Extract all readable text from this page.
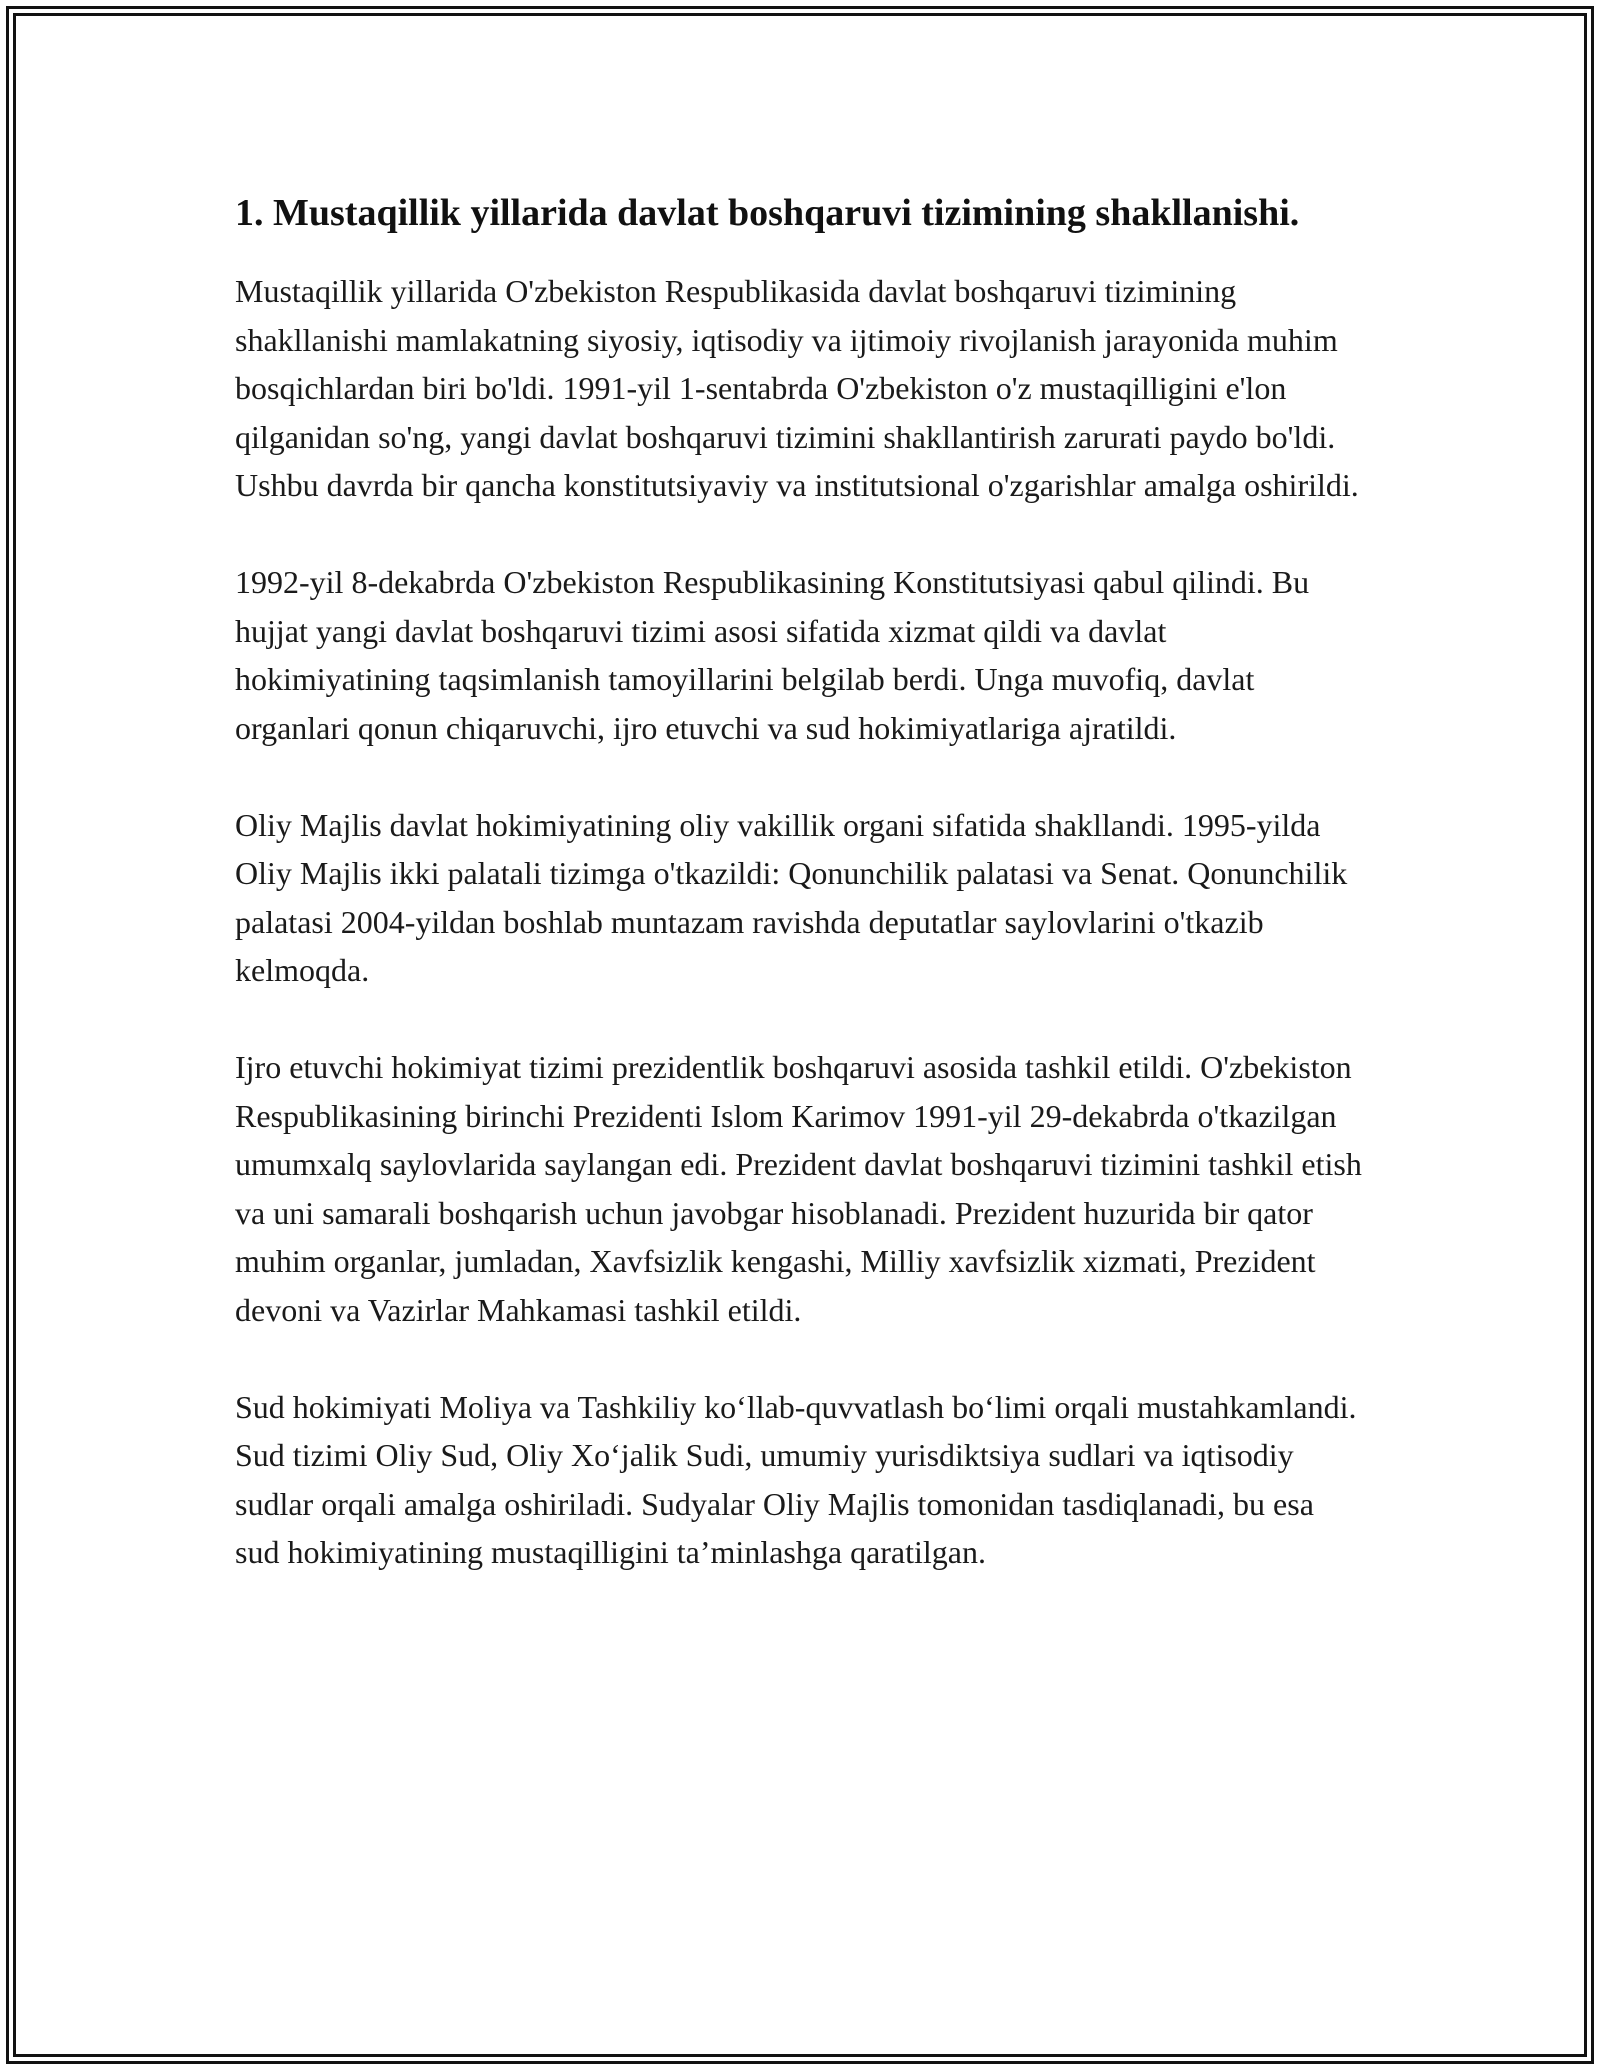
1. Mustaqillik yillarida davlat boshqaruvi tizimining shakllanishi.

Mustaqillik yillarida O'zbekiston Respublikasida davlat boshqaruvi tizimining shakllanishi mamlakatning siyosiy, iqtisodiy va ijtimoiy rivojlanish jarayonida muhim bosqichlardan biri bo'ldi. 1991-yil 1-sentabrda O'zbekiston o'z mustaqilligini e'lon qilganidan so'ng, yangi davlat boshqaruvi tizimini shakllantirish zarurati paydo bo'ldi. Ushbu davrda bir qancha konstitutsiyaviy va institutsional o'zgarishlar amalga oshirildi.

1992-yil 8-dekabrda O'zbekiston Respublikasining Konstitutsiyasi qabul qilindi. Bu hujjat yangi davlat boshqaruvi tizimi asosi sifatida xizmat qildi va davlat hokimiyatining taqsimlanish tamoyillarini belgilab berdi. Unga muvofiq, davlat organlari qonun chiqaruvchi, ijro etuvchi va sud hokimiyatlariga ajratildi.

Oliy Majlis davlat hokimiyatining oliy vakillik organi sifatida shakllandi. 1995-yilda Oliy Majlis ikki palatali tizimga o'tkazildi: Qonunchilik palatasi va Senat. Qonunchilik palatasi 2004-yildan boshlab muntazam ravishda deputatlar saylovlarini o'tkazib kelmoqda.

Ijro etuvchi hokimiyat tizimi prezidentlik boshqaruvi asosida tashkil etildi. O'zbekiston Respublikasining birinchi Prezidenti Islom Karimov 1991-yil 29-dekabrda o'tkazilgan umumxalq saylovlarida saylangan edi. Prezident davlat boshqaruvi tizimini tashkil etish va uni samarali boshqarish uchun javobgar hisoblanadi. Prezident huzurida bir qator muhim organlar, jumladan, Xavfsizlik kengashi, Milliy xavfsizlik xizmati, Prezident devoni va Vazirlar Mahkamasi tashkil etildi.

Sud hokimiyati Moliya va Tashkiliy ko‘llab-quvvatlash bo‘limi orqali mustahkamlandi. Sud tizimi Oliy Sud, Oliy Xo‘jalik Sudi, umumiy yurisdiktsiya sudlari va iqtisodiy sudlar orqali amalga oshiriladi. Sudyalar Oliy Majlis tomonidan tasdiqlanadi, bu esa sud hokimiyatining mustaqilligini ta’minlashga qaratilgan.
